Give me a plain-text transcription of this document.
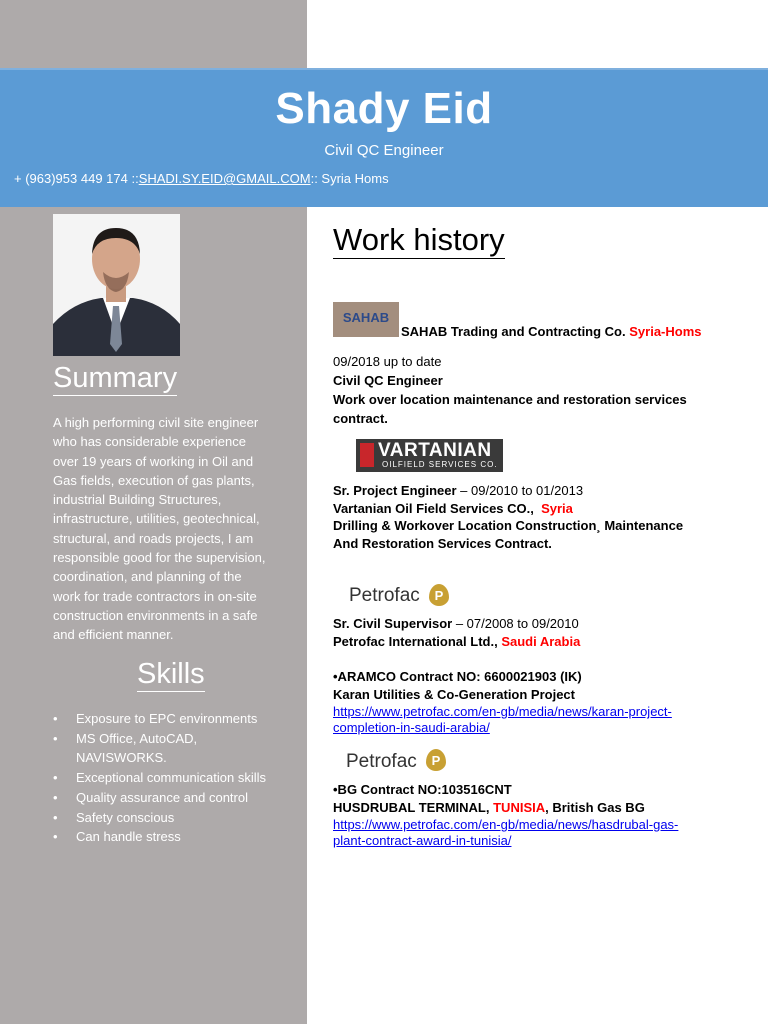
Shady Eid
Civil QC Engineer
+ (963)953 449 174 ::SHADI.SY.EID@GMAIL.COM:: Syria Homs
Summary
A high performing civil site engineer
who has considerable experience
over 19 years of working in Oil and
Gas fields, execution of gas plants,
industrial Building Structures,
infrastructure, utilities, geotechnical,
structural, and roads projects, I am
responsible good for the supervision,
coordination, and planning of the
work for trade contractors in on-site
construction environments in a safe
and efficient manner.
Skills
• Exposure to EPC environments
• MS Office, AutoCAD,
NAVISWORKS.
• Exceptional communication skills
• Quality assurance and control
• Safety conscious
• Can handle stress
Work history
SAHAB
SAHAB Trading and Contracting Co. Syria-Homs
09/2018 up to date
Civil QC Engineer
Work over location maintenance and restoration services
contract.
VARTANIAN
OILFIELD SERVICES CO.
Sr. Project Engineer – 09/2010 to 01/2013
Vartanian Oil Field Services CO., Syria
Drilling & Workover Location Construction¸ Maintenance
And Restoration Services Contract.
Petrofac	P
Sr. Civil Supervisor – 07/2008 to 09/2010
Petrofac International Ltd., Saudi Arabia
•ARAMCO Contract NO: 6600021903 (IK)
Karan Utilities & Co-Generation Project
https://www.petrofac.com/en-gb/media/news/karan-project-
completion-in-saudi-arabia/
Petrofac	P
•BG Contract NO:103516CNT
HUSDRUBAL TERMINAL, TUNISIA, British Gas BG
https://www.petrofac.com/en-gb/media/news/hasdrubal-gas-
plant-contract-award-in-tunisia/
